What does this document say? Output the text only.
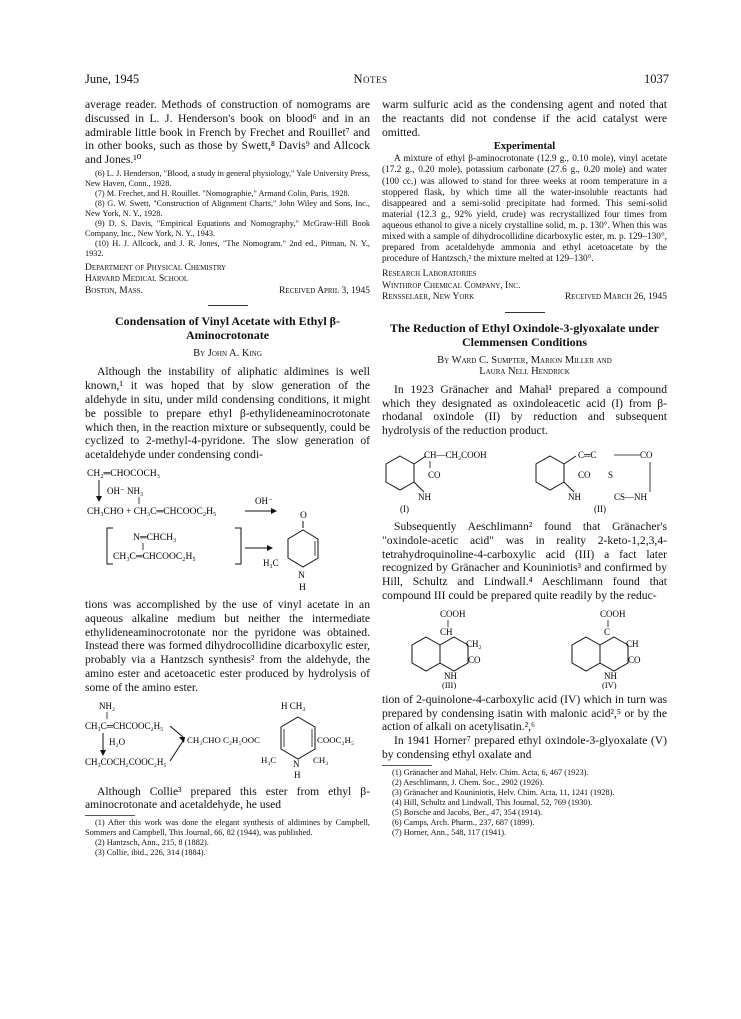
June, 1945	Notes	1037

average reader. Methods of construction of nomograms are discussed in L. J. Henderson's book on blood⁶ and in an admirable little book in French by Frechet and Rouillet⁷ and in other books, such as those by Swett,⁸ Davis⁹ and Allcock and Jones.¹⁰

(6) L. J. Henderson, "Blood, a study in general physiology," Yale University Press, New Haven, Conn., 1928.

(7) M. Frechet, and H. Rouillet. "Nomographie," Armand Colin, Paris, 1928.

(8) G. W. Swett, "Construction of Alignment Charts," John Wiley and Sons, Inc., New York, N. Y., 1928.

(9) D. S. Davis, "Empirical Equations and Nomography," McGraw-Hill Book Company, Inc., New York, N. Y., 1943.

(10) H. J. Allcock, and J. R. Jones, "The Nomogram." 2nd ed., Pitman, N. Y., 1932.

Department of Physical Chemistry
Harvard Medical School
Boston, Mass.	Received April 3, 1945

Condensation of Vinyl Acetate with Ethyl β-Aminocrotonate

By John A. King

Although the instability of aliphatic aldimines is well known,¹ it was hoped that by slow generation of the aldehyde in situ, under mild condensing conditions, it might be possible to prepare ethyl β-ethylideneaminocrotonate which then, in the reaction mixture or subsequently, could be cyclized to 2-methyl-4-pyridone. The slow generation of acetaldehyde under condensing condi-

CH₂═CHOCOCH₃
OH⁻ NH₃
CH₃CHO + CH₃C═CHCOOC₂H₅
OH⁻
N═CHCH₃
CH₃C═CHCOOC₂H₅
O
H₃C
N
H

tions was accomplished by the use of vinyl acetate in an aqueous alkaline medium but neither the intermediate ethylideneaminocrotonate nor the pyridone was obtained. Instead there was formed dihydrocollidine dicarboxylic ester, probably via a Hantzsch synthesis² from the aldehyde, the amino ester and acetoacetic ester produced by hydrolysis of some of the amino ester.

NH₂
CH₃C═CHCOOC₂H₅
H₂O
CH₃COCH₂COOC₂H₅
CH₃CHO C₂H₅OOC
H CH₃
COOC₂H₅
H₃C N CH₃
H

Although Collie³ prepared this ester from ethyl β-aminocrotonate and acetaldehyde, he used

(1) After this work was done the elegant synthesis of aldimines by Campbell, Sommers and Campbell, This Journal, 66, 82 (1944), was published.

(2) Hantzsch, Ann., 215, 8 (1882).

(3) Collie, ibid., 226, 314 (1884).

warm sulfuric acid as the condensing agent and noted that the reactants did not condense if the acid catalyst were omitted.

Experimental

A mixture of ethyl β-aminocrotonate (12.9 g., 0.10 mole), vinyl acetate (17.2 g., 0.20 mole), potassium carbonate (27.6 g., 0.20 mole) and water (100 cc.) was allowed to stand for three weeks at room temperature in a stoppered flask, by which time all the water-insoluble reactants had disappeared and a semi-solid precipitate had formed. This semi-solid material (12.3 g., 92% yield, crude) was recrystallized four times from aqueous ethanol to give a nicely crystalline solid, m. p. 130°. When this was mixed with a sample of dihydrocollidine dicarboxylic ester, m. p. 129–130°, prepared from acetaldehyde ammonia and ethyl acetoacetate by the procedure of Hantzsch,² the mixture melted at 129–130°.

Research Laboratories
Winthrop Chemical Company, Inc.
Rensselaer, New York	Received March 26, 1945

The Reduction of Ethyl Oxindole-3-glyoxalate under Clemmensen Conditions

By Ward C. Sumpter, Marion Miller and
Laura Nell Hendrick

In 1923 Gränacher and Mahal¹ prepared a compound which they designated as oxindoleacetic acid (I) from β-rhodanal oxindole (II) by reduction and subsequent hydrolysis of the reduction product.

CH—CH₂COOH
CO
NH
(I)
C═C	CO
CO S
NH	CS—NH
(II)

Subsequently Aeschlimann² found that Gränacher's "oxindole-acetic acid" was in reality 2-keto-1,2,3,4-tetrahydroquinoline-4-carboxylic acid (III) a fact later recognized by Gränacher and Kouniniotis³ and confirmed by Hill, Schultz and Lindwall.⁴ Aeschlimann found that compound III could be prepared quite readily by the reduc-

COOH
CH
CH₂
CO
NH
(III)
COOH
C
CH
CO
NH
(IV)

tion of 2-quinolone-4-carboxylic acid (IV) which in turn was prepared by condensing isatin with malonic acid²,⁵ or by the action of alkali on acetylisatin.²,⁶

In 1941 Horner⁷ prepared ethyl oxindole-3-glyoxalate (V) by condensing ethyl oxalate and

(1) Gränacher and Mahal, Helv. Chim. Acta, 6, 467 (1923).

(2) Aeschlimann, J. Chem. Soc., 2902 (1926).

(3) Gränacher and Kouniniotis, Helv. Chim. Acta, 11, 1241 (1928).

(4) Hill, Schultz and Lindwall, This Journal, 52, 769 (1930).

(5) Borsche and Jacobs, Ber., 47, 354 (1914).

(6) Camps, Arch. Pharm., 237, 687 (1899).

(7) Horner, Ann., 548, 117 (1941).
